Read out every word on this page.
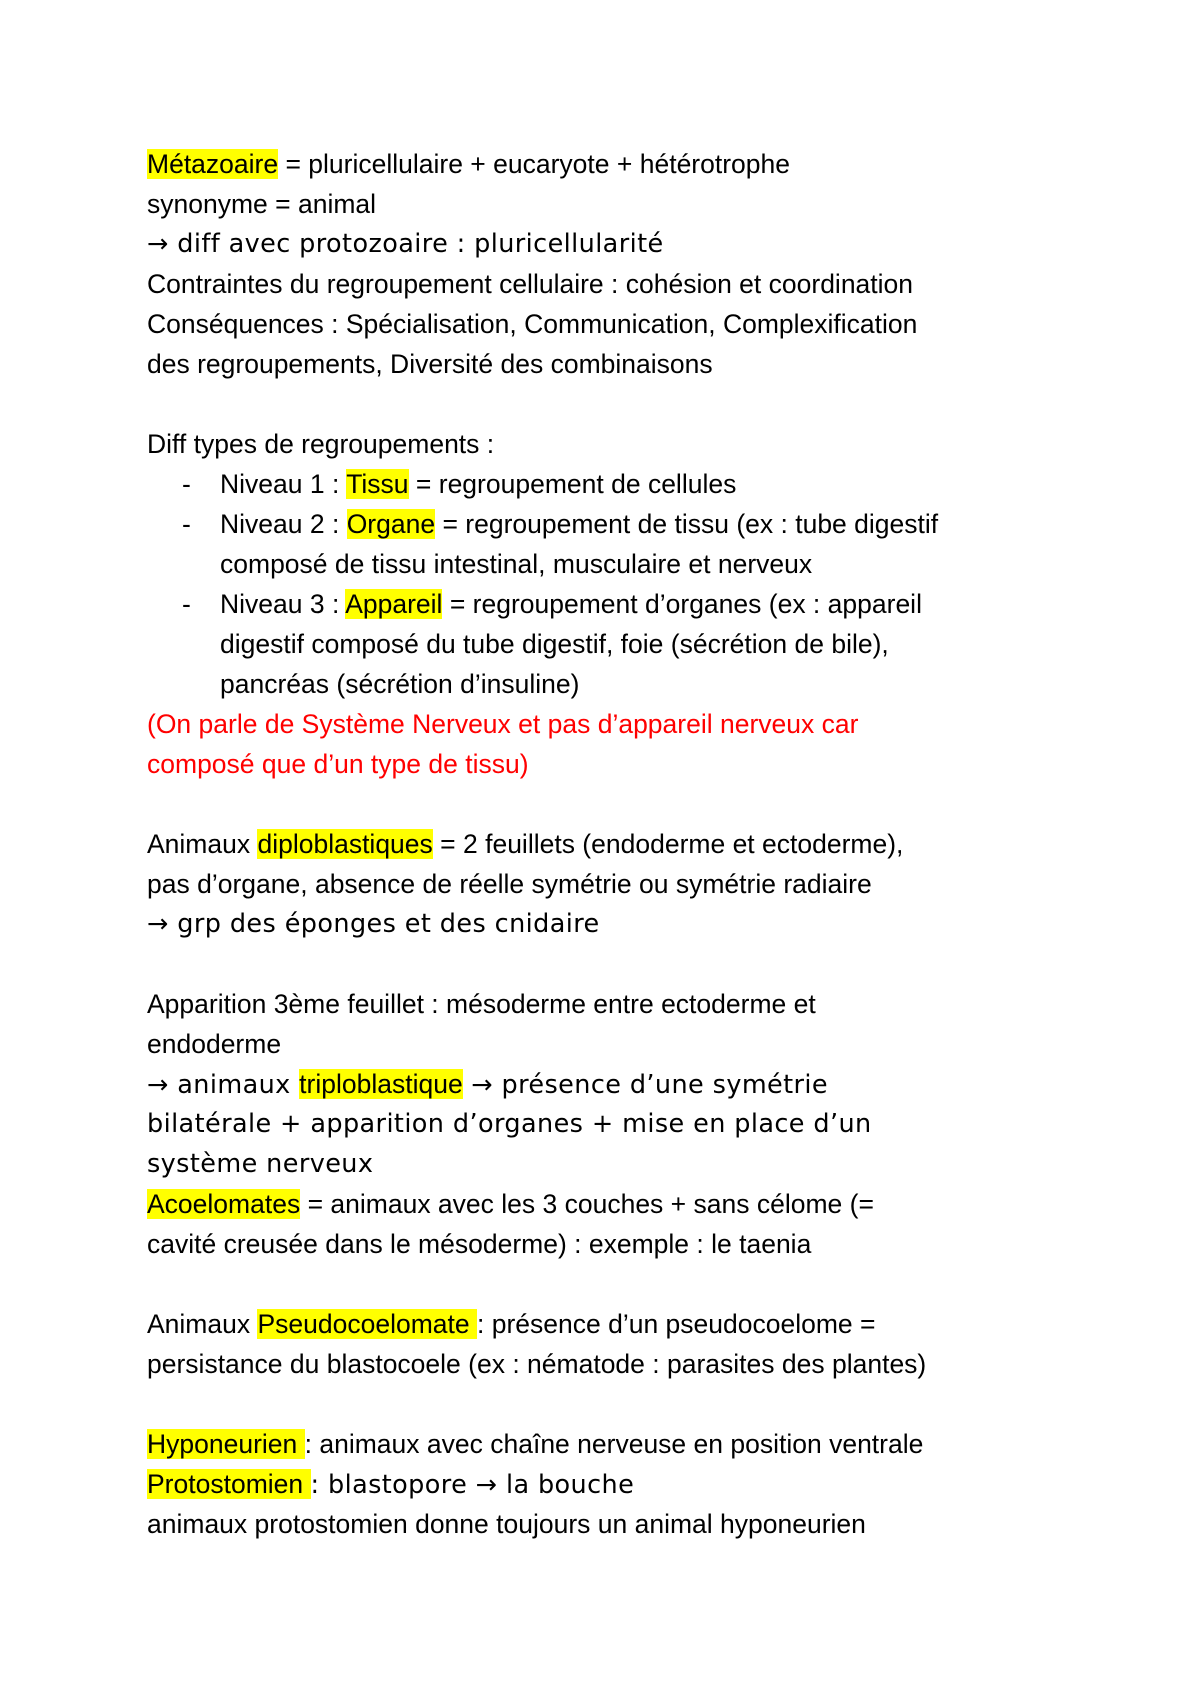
Métazoaire = pluricellulaire + eucaryote + hétérotrophe
synonyme = animal
→ diff avec protozoaire : pluricellularité
Contraintes du regroupement cellulaire : cohésion et coordination
Conséquences : Spécialisation, Communication, Complexification
des regroupements, Diversité des combinaisons
Diff types de regroupements :
- Niveau 1 : Tissu = regroupement de cellules
- Niveau 2 : Organe = regroupement de tissu (ex : tube digestif
composé de tissu intestinal, musculaire et nerveux
- Niveau 3 : Appareil = regroupement d’organes (ex : appareil
digestif composé du tube digestif, foie (sécrétion de bile),
pancréas (sécrétion d’insuline)
(On parle de Système Nerveux et pas d’appareil nerveux car
composé que d’un type de tissu)
Animaux diploblastiques = 2 feuillets (endoderme et ectoderme),
pas d’organe, absence de réelle symétrie ou symétrie radiaire
→ grp des éponges et des cnidaire
Apparition 3ème feuillet : mésoderme entre ectoderme et
endoderme
→ animaux triploblastique → présence d’une symétrie
bilatérale + apparition d’organes + mise en place d’un
système nerveux
Acoelomates = animaux avec les 3 couches + sans célome (=
cavité creusée dans le mésoderme) : exemple : le taenia
Animaux Pseudocoelomate : présence d’un pseudocoelome =
persistance du blastocoele (ex : nématode : parasites des plantes)
Hyponeurien : animaux avec chaîne nerveuse en position ventrale
Protostomien : blastopore → la bouche
animaux protostomien donne toujours un animal hyponeurien
